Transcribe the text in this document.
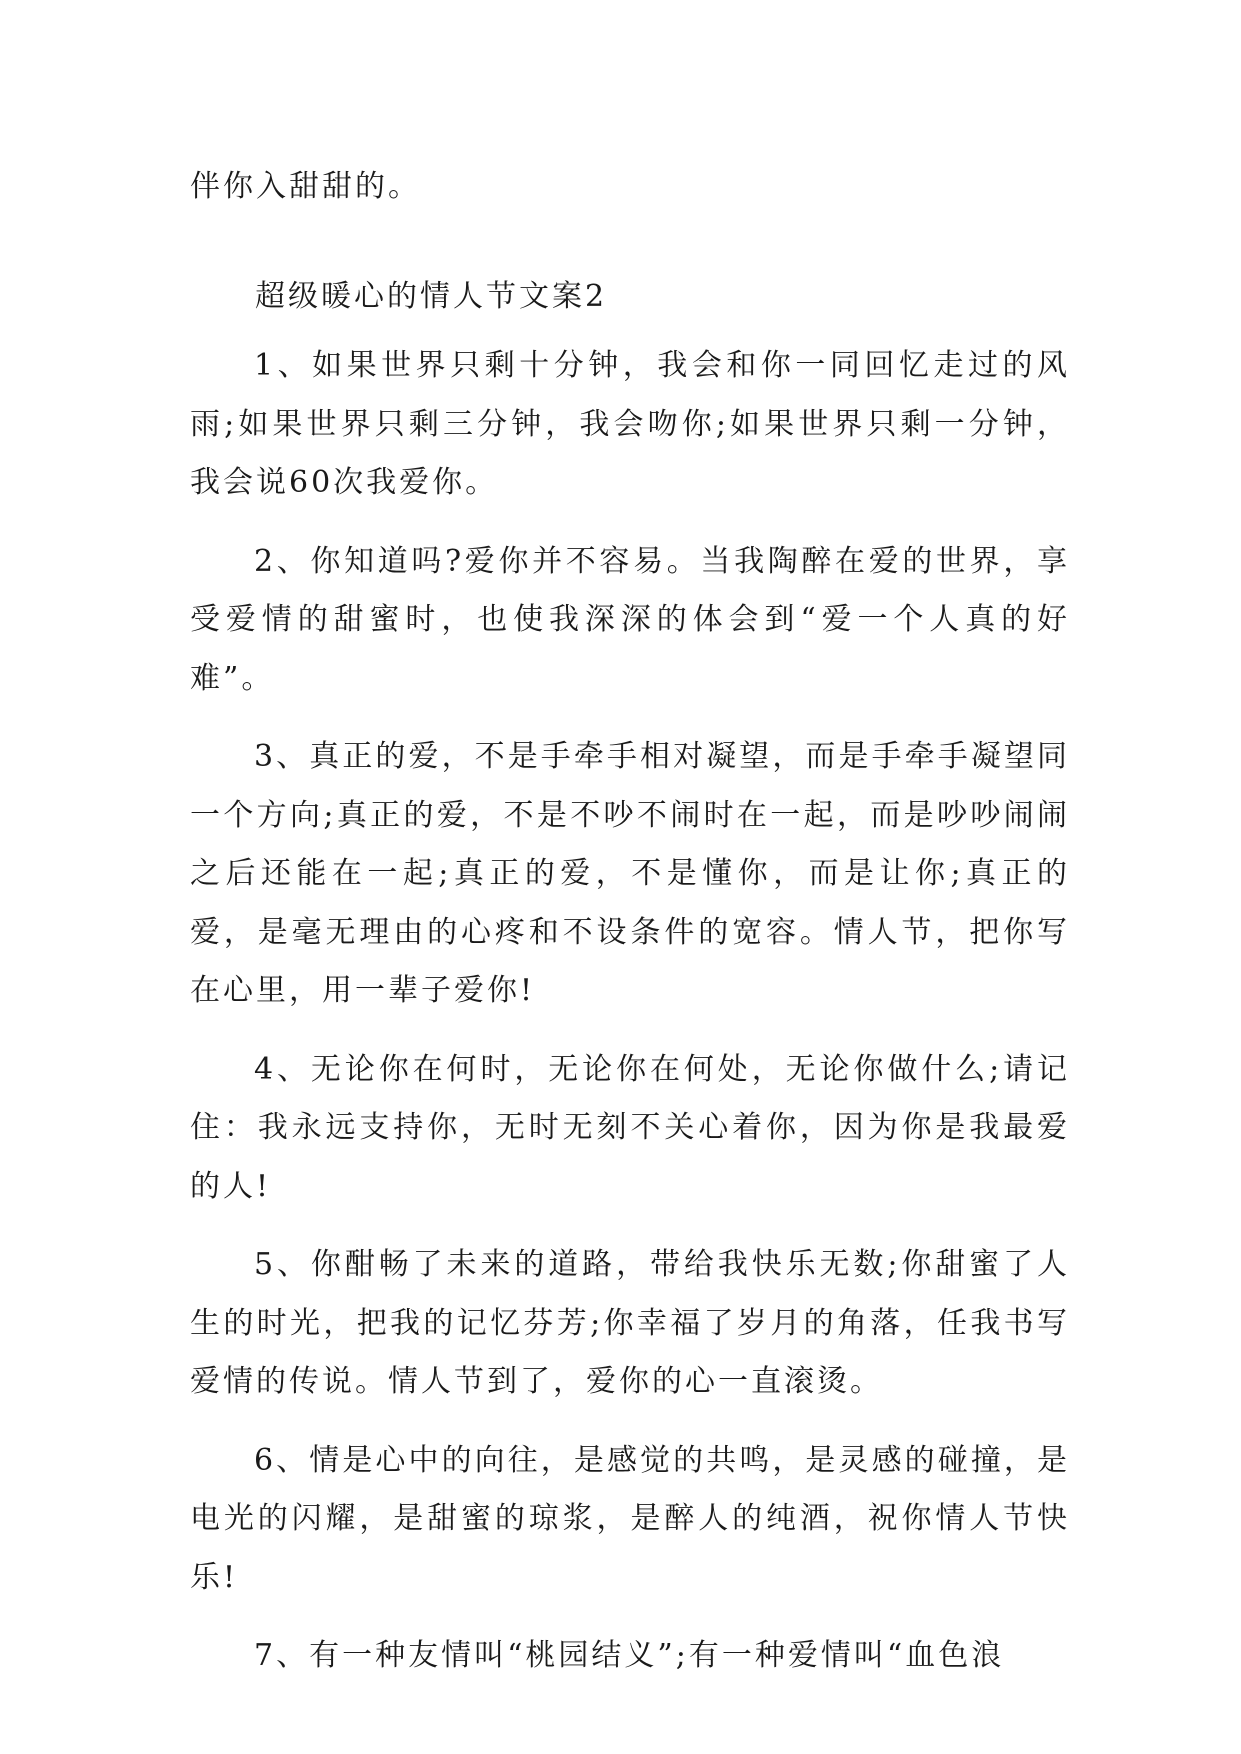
伴你入甜甜的。
超级暖心的情人节文案2

1、如果世界只剩十分钟，我会和你一同回忆走过的风雨;如果世界只剩三分钟，我会吻你;如果世界只剩一分钟，我会说60次我爱你。

2、你知道吗?爱你并不容易。当我陶醉在爱的世界，享受爱情的甜蜜时，也使我深深的体会到“爱一个人真的好难”。

3、真正的爱，不是手牵手相对凝望，而是手牵手凝望同一个方向;真正的爱，不是不吵不闹时在一起，而是吵吵闹闹之后还能在一起;真正的爱，不是懂你，而是让你;真正的爱，是毫无理由的心疼和不设条件的宽容。情人节，把你写在心里，用一辈子爱你!

4、无论你在何时，无论你在何处，无论你做什么;请记住：我永远支持你，无时无刻不关心着你，因为你是我最爱的人!

5、你酣畅了未来的道路，带给我快乐无数;你甜蜜了人生的时光，把我的记忆芬芳;你幸福了岁月的角落，任我书写爱情的传说。情人节到了，爱你的心一直滚烫。

6、情是心中的向往，是感觉的共鸣，是灵感的碰撞，是电光的闪耀，是甜蜜的琼浆，是醉人的纯酒，祝你情人节快乐!

7、有一种友情叫“桃园结义”;有一种爱情叫“血色浪
